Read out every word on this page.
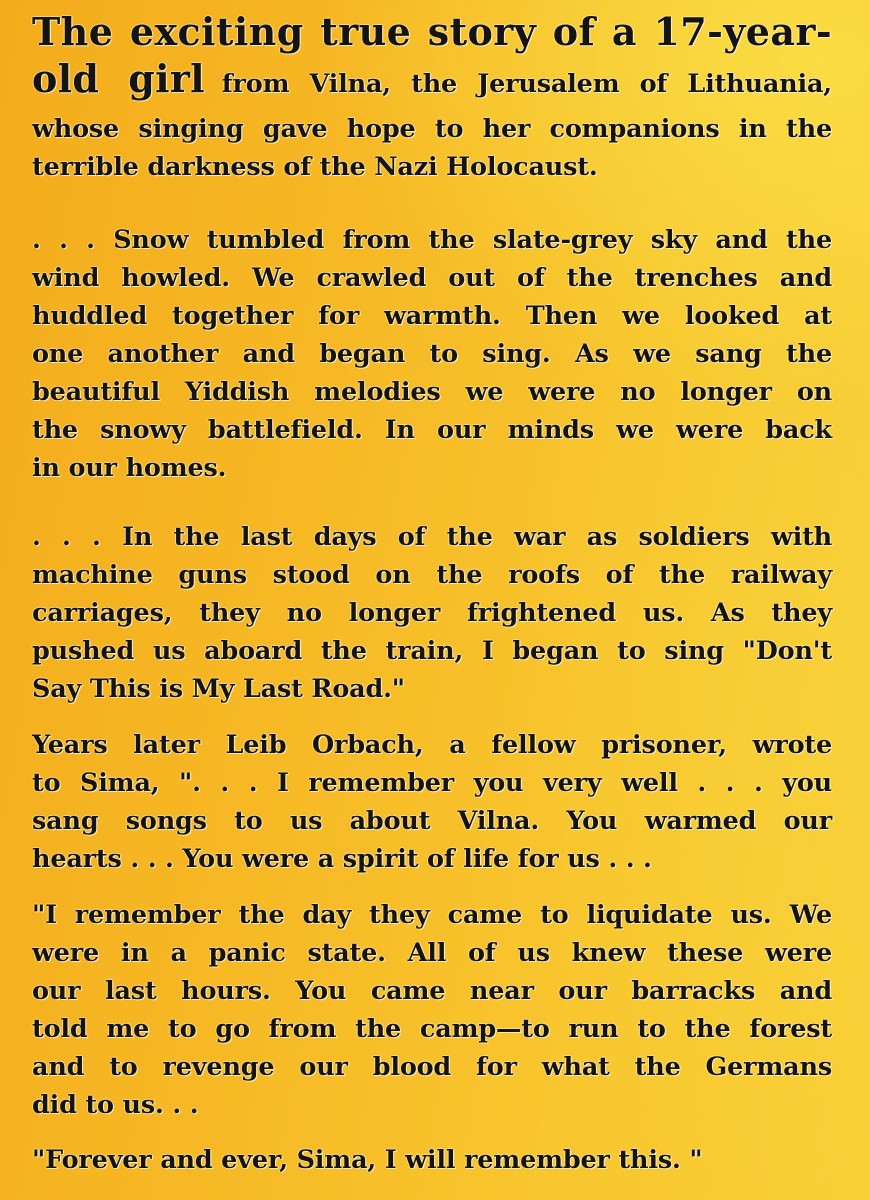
The exciting true story of a 17-year-
old girl from Vilna, the Jerusalem of Lithuania,
whose singing gave hope to her companions in the
terrible darkness of the Nazi Holocaust.
. . . Snow tumbled from the slate-grey sky and the
wind howled. We crawled out of the trenches and
huddled together for warmth. Then we looked at
one another and began to sing. As we sang the
beautiful Yiddish melodies we were no longer on
the snowy battlefield. In our minds we were back
in our homes.
. . . In the last days of the war as soldiers with
machine guns stood on the roofs of the railway
carriages, they no longer frightened us. As they
pushed us aboard the train, I began to sing "Don't
Say This is My Last Road."
Years later Leib Orbach, a fellow prisoner, wrote
to Sima, ". . . I remember you very well . . . you
sang songs to us about Vilna. You warmed our
hearts . . . You were a spirit of life for us . . .
"I remember the day they came to liquidate us. We
were in a panic state. All of us knew these were
our last hours. You came near our barracks and
told me to go from the camp—to run to the forest
and to revenge our blood for what the Germans
did to us. . .
"Forever and ever, Sima, I will remember this. "
